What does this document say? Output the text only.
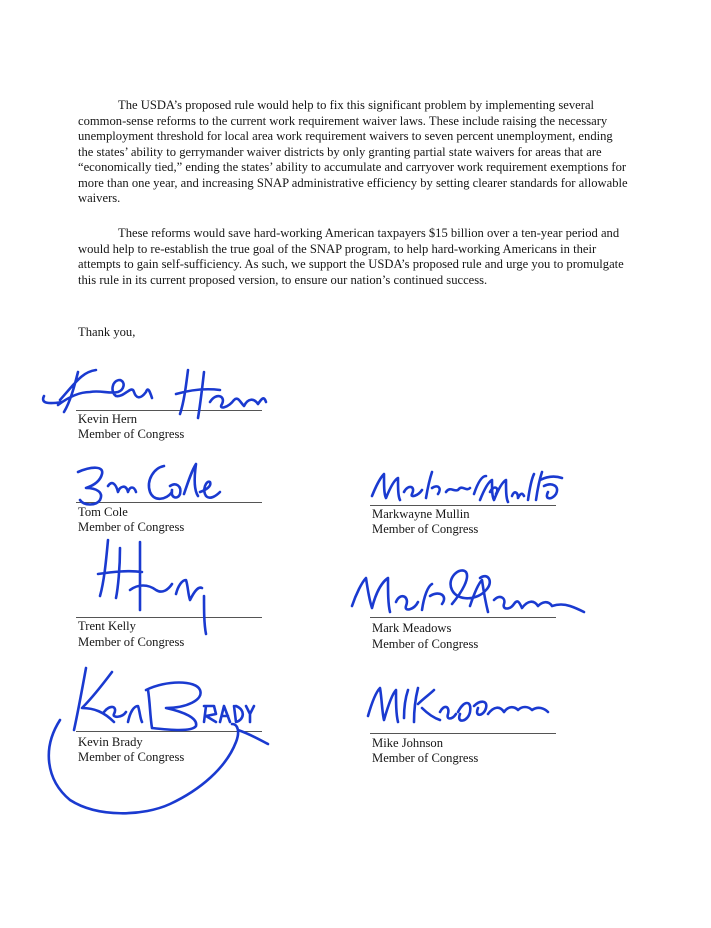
The USDA’s proposed rule would help to fix this significant problem by implementing several common-sense reforms to the current work requirement waiver laws. These include raising the necessary unemployment threshold for local area work requirement waivers to seven percent unemployment, ending the states’ ability to gerrymander waiver districts by only granting partial state waivers for areas that are “economically tied,” ending the states’ ability to accumulate and carryover work requirement exemptions for more than one year, and increasing SNAP administrative efficiency by setting clearer standards for allowable waivers.

These reforms would save hard-working American taxpayers $15 billion over a ten-year period and would help to re-establish the true goal of the SNAP program, to help hard-working Americans in their attempts to gain self-sufficiency. As such, we support the USDA’s proposed rule and urge you to promulgate this rule in its current proposed version, to ensure our nation’s continued success.

Thank you,
Kevin Hern
Member of Congress
Tom Cole
Member of Congress
Markwayne Mullin
Member of Congress
Trent Kelly
Member of Congress
Mark Meadows
Member of Congress
Kevin Brady
Member of Congress
Mike Johnson
Member of Congress
